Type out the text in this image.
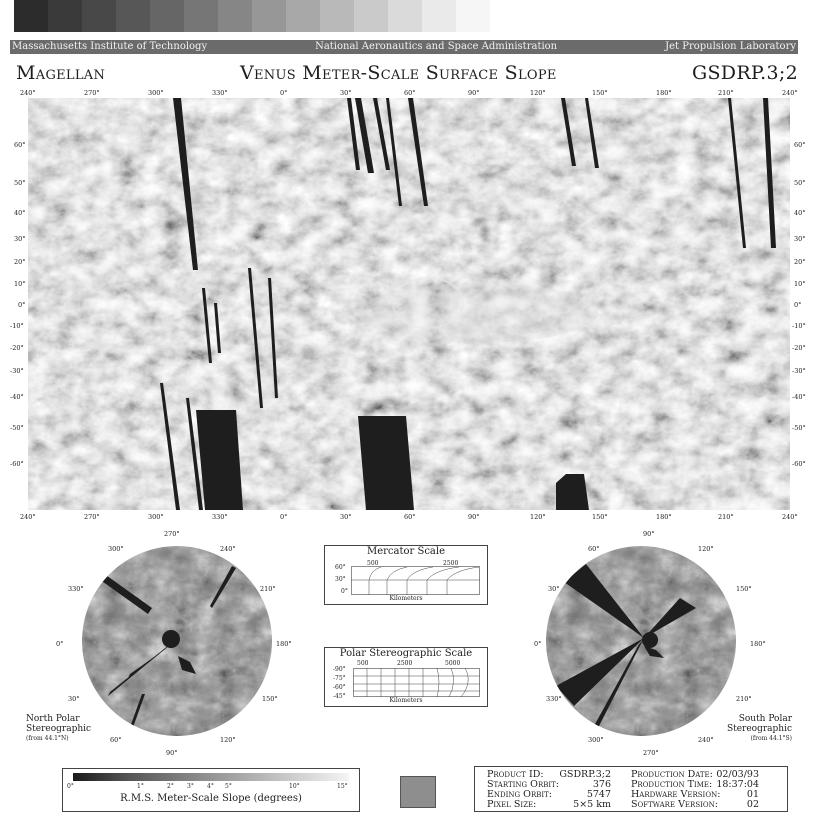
Massachusetts Institute of Technology	National Aeronautics and Space Administration	Jet Propulsion Laboratory
Magellan	Venus Meter-Scale Surface Slope	GSDRP.3;2
240°	270°	300°	330°	0°	30°	60°	90°	120°	150°	180°	210°	240°
240°	270°	300°	330°	0°	30°	60°	90°	120°	150°	180°	210°	240°
60°
50°
40°
30°
20°
10°
0°
-10°
-20°
-30°
-40°
-50°
-60°
60°
50°
40°
30°
20°
10°
0°
-10°
-20°
-30°
-40°
-50°
-60°
270°
300°	240°
330°	210°
0°	180°
30°	150°
60°	120°
90°
North Polar
Stereographic
(from 44.1°N)
90°
60°	120°
30°	150°
0°	180°
330°	210°
300°	240°
270°
South Polar
Stereographic
(from 44.1°S)
Mercator Scale
500	2500
60°
30°
0°
Kilometers
Polar Stereographic Scale
500	2500	5000
-90°
-75°
-60°
-45°
Kilometers
0°	1°	2° 3° 4° 5°	10°	15°
R.M.S. Meter-Scale Slope (degrees)
Product ID: GSDRP.3;2 Production Date: 02/03/93
Starting Orbit:	376 Production Time: 18:37:04
Ending Orbit:	5747 Hardware Version:	01
Pixel Size:	5×5 km Software Version:	02
